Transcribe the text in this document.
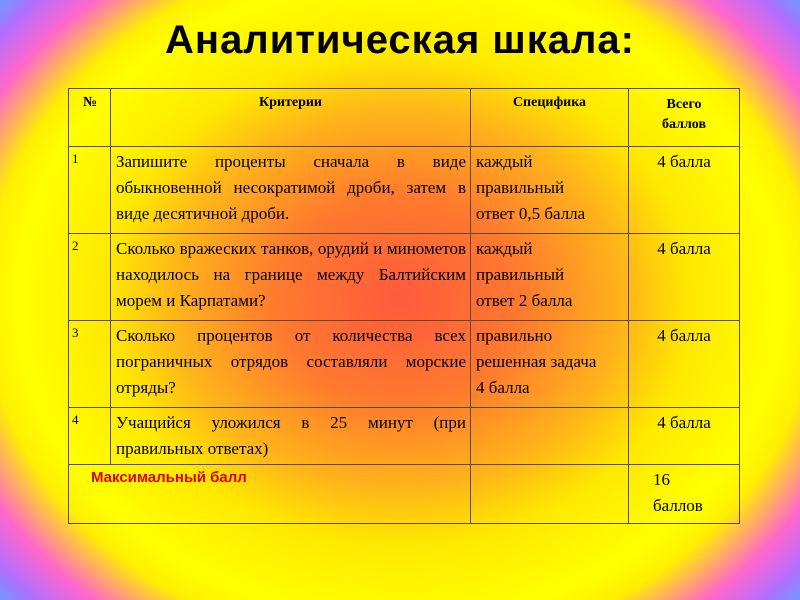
Аналитическая шкала:
№	Критерии	Специфика	Всего
баллов
1	Запишите проценты сначала в виде обыкновенной несократимой дроби, затем в виде десятичной дроби.	каждый
правильный
ответ 0,5 балла	4 балла
2	Сколько вражеских танков, орудий и минометов находилось на границе между Балтийским морем и Карпатами?	каждый
правильный
ответ 2 балла	4 балла
3	Сколько процентов от количества всех пограничных отрядов составляли морские отряды?	правильно
решенная задача
4 балла	4 балла
4	Учащийся уложился в 25 минут (при правильных ответах)		4 балла
Максимальный балл			16
баллов
